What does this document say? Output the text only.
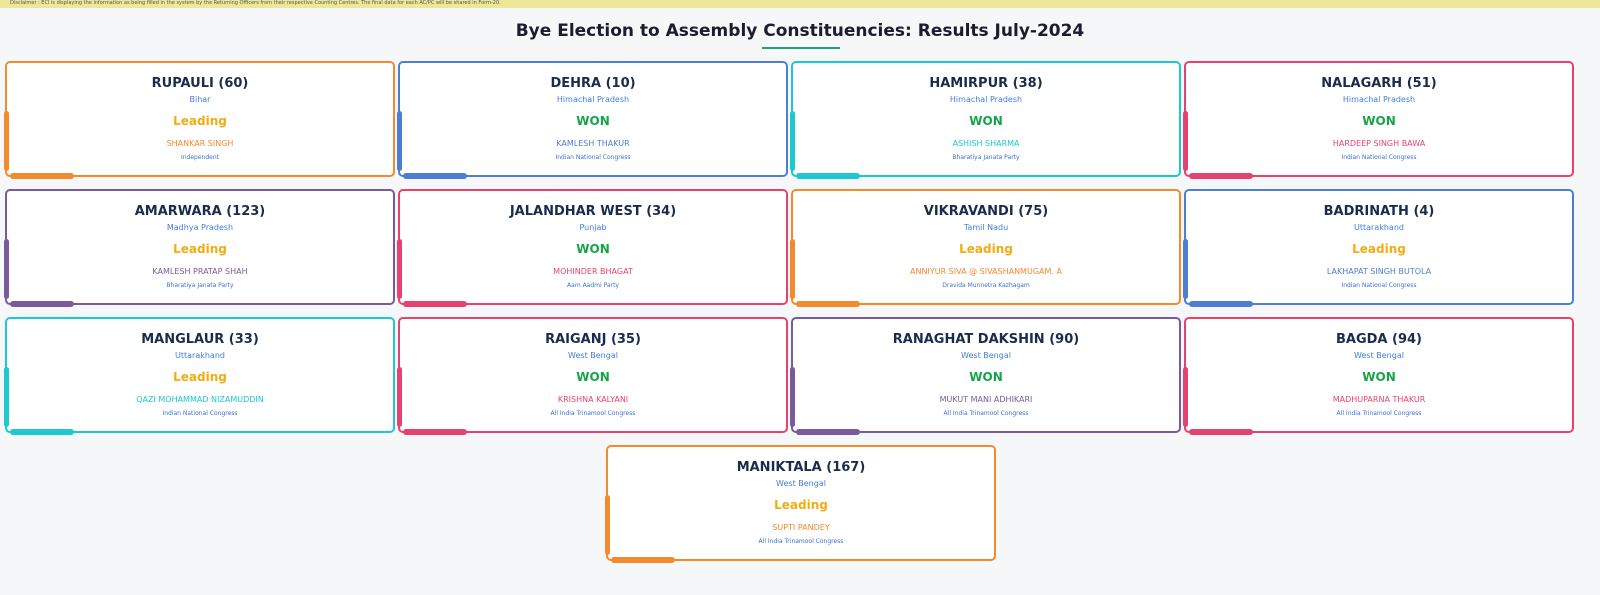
Disclaimer : ECI is displaying the information as being filled in the system by the Returning Officers from their respective Counting Centres. The final data for each AC/PC will be shared in Form-20.
Bye Election to Assembly Constituencies: Results July-2024
RUPAULI (60)
Bihar
Leading
SHANKAR SINGH
Independent
DEHRA (10)
Himachal Pradesh
WON
KAMLESH THAKUR
Indian National Congress
HAMIRPUR (38)
Himachal Pradesh
WON
ASHISH SHARMA
Bharatiya Janata Party
NALAGARH (51)
Himachal Pradesh
WON
HARDEEP SINGH BAWA
Indian National Congress
AMARWARA (123)
Madhya Pradesh
Leading
KAMLESH PRATAP SHAH
Bharatiya Janata Party
JALANDHAR WEST (34)
Punjab
WON
MOHINDER BHAGAT
Aam Aadmi Party
VIKRAVANDI (75)
Tamil Nadu
Leading
ANNIYUR SIVA @ SIVASHANMUGAM. A
Dravida Munnetra Kazhagam
BADRINATH (4)
Uttarakhand
Leading
LAKHAPAT SINGH BUTOLA
Indian National Congress
MANGLAUR (33)
Uttarakhand
Leading
QAZI MOHAMMAD NIZAMUDDIN
Indian National Congress
RAIGANJ (35)
West Bengal
WON
KRISHNA KALYANI
All India Trinamool Congress
RANAGHAT DAKSHIN (90)
West Bengal
WON
MUKUT MANI ADHIKARI
All India Trinamool Congress
BAGDA (94)
West Bengal
WON
MADHUPARNA THAKUR
All India Trinamool Congress
MANIKTALA (167)
West Bengal
Leading
SUPTI PANDEY
All India Trinamool Congress
